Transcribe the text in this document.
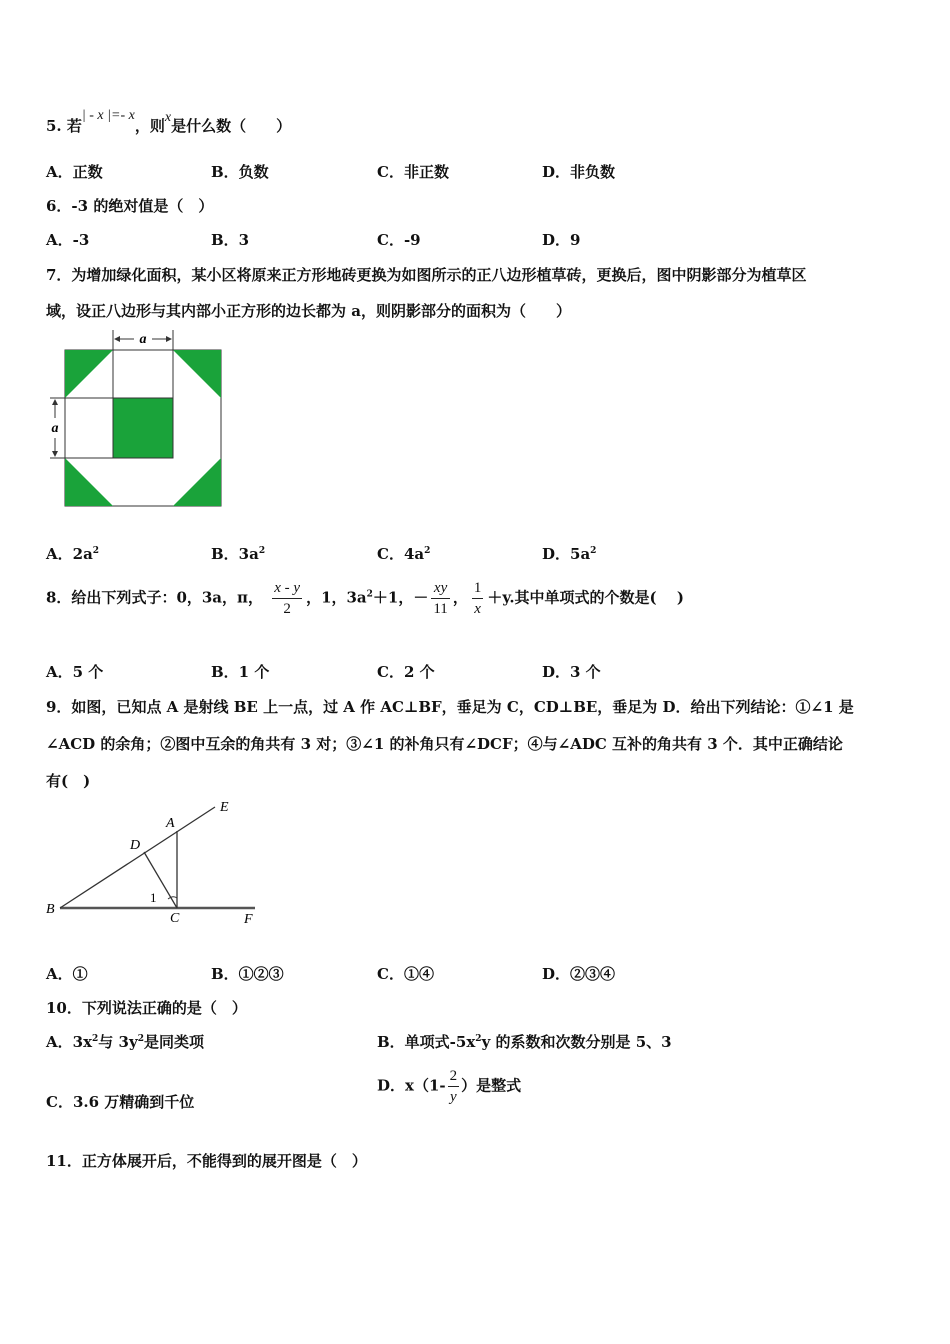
5. 若| - x |=- x，则x是什么数（　　）
A．正数	B．负数	C．非正数	D．非负数
6．-3 的绝对值是（　）
A．-3	B．3	C．-9	D．9
7．为增加绿化面积，某小区将原来正方形地砖更换为如图所示的正八边形植草砖，更换后，图中阴影部分为植草区
域，设正八边形与其内部小正方形的边长都为 a，则阴影部分的面积为（　　）
a
a
A．$2a^2$	B．$3a^2$	C．$4a^2$	D．$5a^2$
8．给出下列式子：0，3a，π， $\frac{x - y}{2}$ ，1，$3a^2+1$，－ $\frac{xy}{11}$ ， $\frac{1}{x} +y$.其中单项式的个数是(　 )
A．5 个	B．1 个	C．2 个	D．3 个
9．如图，已知点 A 是射线 BE 上一点，过 A 作 AC⊥BF，垂足为 C，CD⊥BE，垂足为 D．给出下列结论：①∠1 是
∠ACD 的余角；②图中互余的角共有 3 对；③∠1 的补角只有∠DCF；④与∠ADC 互补的角共有 3 个．其中正确结论
有(　)
E
A
D
B
C	F
1
A．①	B．①②③	C．①④	D．②③④
10．下列说法正确的是（　）
A．$3x^2$与 $3y^2$是同类项	B．单项式$-5x^2y$ 的系数和次数分别是 5、3
C．3.6 万精确到千位
D．$x(1- \frac{2}{y}$ ）是整式
11．正方体展开后，不能得到的展开图是（　）
